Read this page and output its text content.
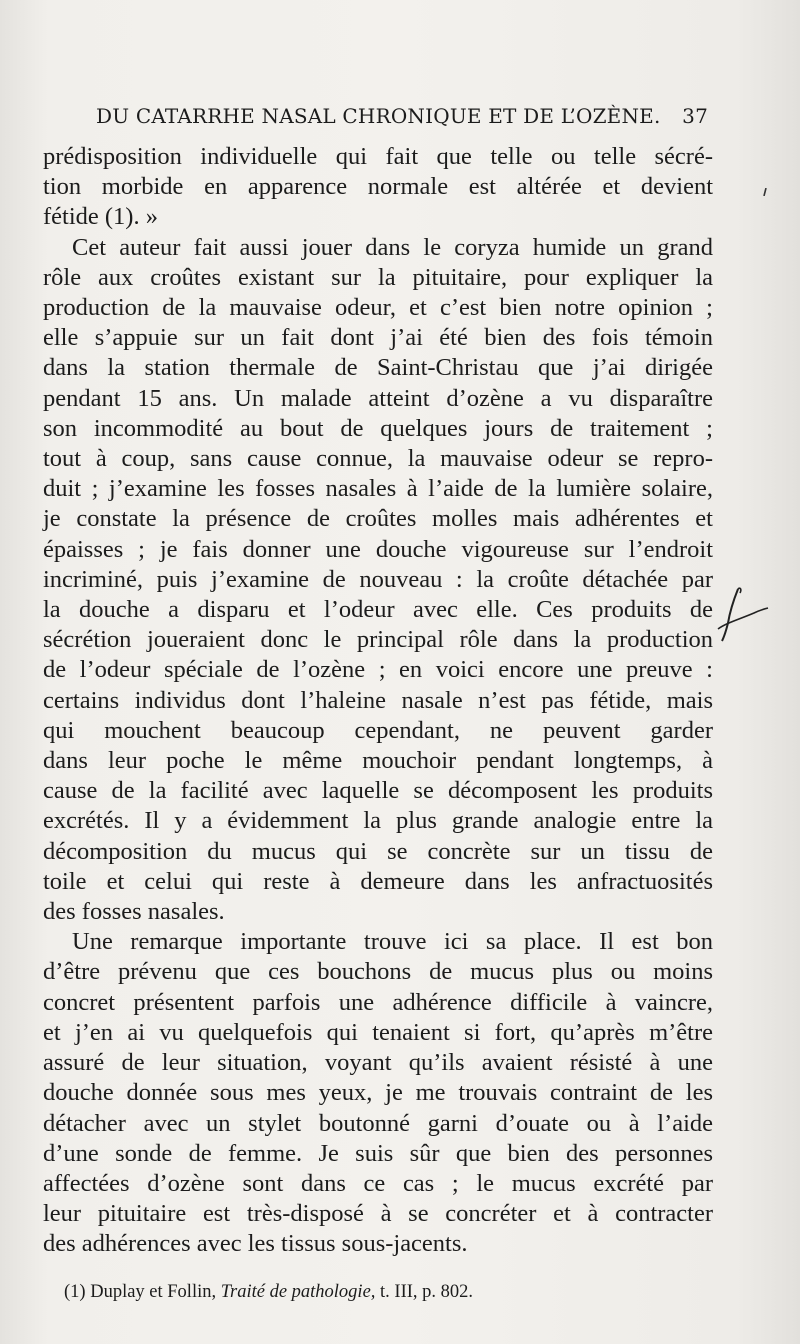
DU CATARRHE NASAL CHRONIQUE ET DE L’OZÈNE. 37

prédisposition individuelle qui fait que telle ou telle sécré-
tion morbide en apparence normale est altérée et devient
fétide (1). »

Cet auteur fait aussi jouer dans le coryza humide un grand
rôle aux croûtes existant sur la pituitaire, pour expliquer la
production de la mauvaise odeur, et c’est bien notre opinion ;
elle s’appuie sur un fait dont j’ai été bien des fois témoin
dans la station thermale de Saint-Christau que j’ai dirigée
pendant 15 ans. Un malade atteint d’ozène a vu disparaître
son incommodité au bout de quelques jours de traitement ;
tout à coup, sans cause connue, la mauvaise odeur se repro-
duit ; j’examine les fosses nasales à l’aide de la lumière solaire,
je constate la présence de croûtes molles mais adhérentes et
épaisses ; je fais donner une douche vigoureuse sur l’endroit
incriminé, puis j’examine de nouveau : la croûte détachée par
la douche a disparu et l’odeur avec elle. Ces produits de
sécrétion joueraient donc le principal rôle dans la production
de l’odeur spéciale de l’ozène ; en voici encore une preuve :
certains individus dont l’haleine nasale n’est pas fétide, mais
qui mouchent beaucoup cependant, ne peuvent garder
dans leur poche le même mouchoir pendant longtemps, à
cause de la facilité avec laquelle se décomposent les produits
excrétés. Il y a évidemment la plus grande analogie entre la
décomposition du mucus qui se concrète sur un tissu de
toile et celui qui reste à demeure dans les anfractuosités
des fosses nasales.

Une remarque importante trouve ici sa place. Il est bon
d’être prévenu que ces bouchons de mucus plus ou moins
concret présentent parfois une adhérence difficile à vaincre,
et j’en ai vu quelquefois qui tenaient si fort, qu’après m’être
assuré de leur situation, voyant qu’ils avaient résisté à une
douche donnée sous mes yeux, je me trouvais contraint de les
détacher avec un stylet boutonné garni d’ouate ou à l’aide
d’une sonde de femme. Je suis sûr que bien des personnes
affectées d’ozène sont dans ce cas ; le mucus excrété par
leur pituitaire est très-disposé à se concréter et à contracter
des adhérences avec les tissus sous-jacents.

(1) Duplay et Follin, Traité de pathologie, t. III, p. 802.
